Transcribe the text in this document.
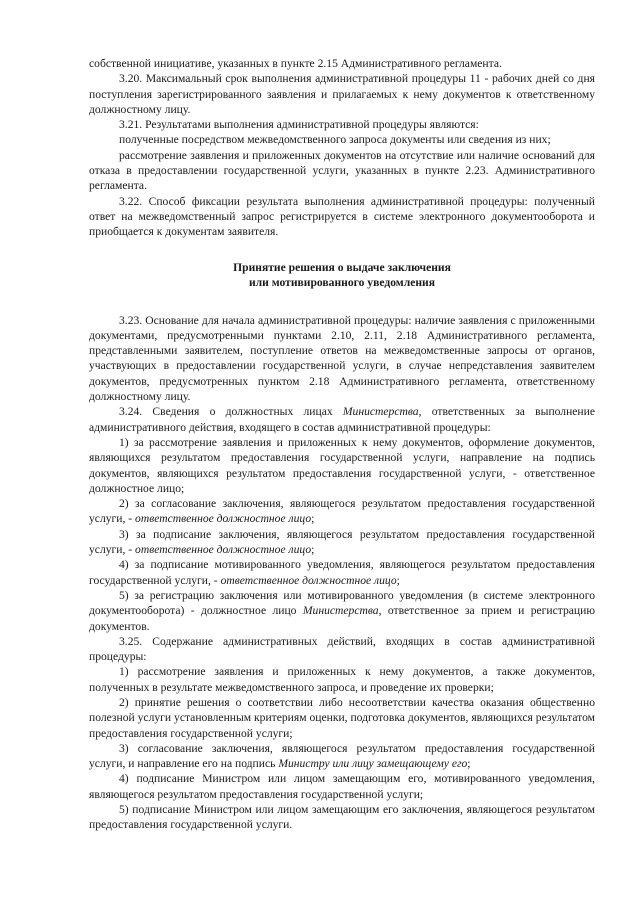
собственной инициативе, указанных в пункте 2.15 Административного регламента.

3.20. Максимальный срок выполнения административной процедуры 11 - рабочих дней со дня поступления зарегистрированного заявления и прилагаемых к нему документов к ответственному должностному лицу.

3.21. Результатами выполнения административной процедуры являются:

полученные посредством межведомственного запроса документы или сведения из них;

рассмотрение заявления и приложенных документов на отсутствие или наличие оснований для отказа в предоставлении государственной услуги, указанных в пункте 2.23. Административного регламента.

3.22. Способ фиксации результата выполнения административной процедуры: полученный ответ на межведомственный запрос регистрируется в системе электронного документооборота и приобщается к документам заявителя.

Принятие решения о выдаче заключения
или мотивированного уведомления

3.23. Основание для начала административной процедуры: наличие заявления с приложенными документами, предусмотренными пунктами 2.10, 2.11, 2.18 Административного регламента, представленными заявителем, поступление ответов на межведомственные запросы от органов, участвующих в предоставлении государственной услуги, в случае непредставления заявителем документов, предусмотренных пунктом 2.18 Административного регламента, ответственному должностному лицу.

3.24. Сведения о должностных лицах Министерства, ответственных за выполнение административного действия, входящего в состав административной процедуры:

1) за рассмотрение заявления и приложенных к нему документов, оформление документов, являющихся результатом предоставления государственной услуги, направление на подпись документов, являющихся результатом предоставления государственной услуги, - ответственное должностное лицо;

2) за согласование заключения, являющегося результатом предоставления государственной услуги, - ответственное должностное лицо;

3) за подписание заключения, являющегося результатом предоставления государственной услуги, - ответственное должностное лицо;

4) за подписание мотивированного уведомления, являющегося результатом предоставления государственной услуги, - ответственное должностное лицо;

5) за регистрацию заключения или мотивированного уведомления (в системе электронного документооборота) - должностное лицо Министерства, ответственное за прием и регистрацию документов.

3.25. Содержание административных действий, входящих в состав административной процедуры:

1) рассмотрение заявления и приложенных к нему документов, а также документов, полученных в результате межведомственного запроса, и проведение их проверки;

2) принятие решения о соответствии либо несоответствии качества оказания общественно полезной услуги установленным критериям оценки, подготовка документов, являющихся результатом предоставления государственной услуги;

3) согласование заключения, являющегося результатом предоставления государственной услуги, и направление его на подпись Министру или лицу замещающему его;

4) подписание Министром или лицом замещающим его, мотивированного уведомления, являющегося результатом предоставления государственной услуги;

5) подписание Министром или лицом замещающим его заключения, являющегося результатом предоставления государственной услуги.
